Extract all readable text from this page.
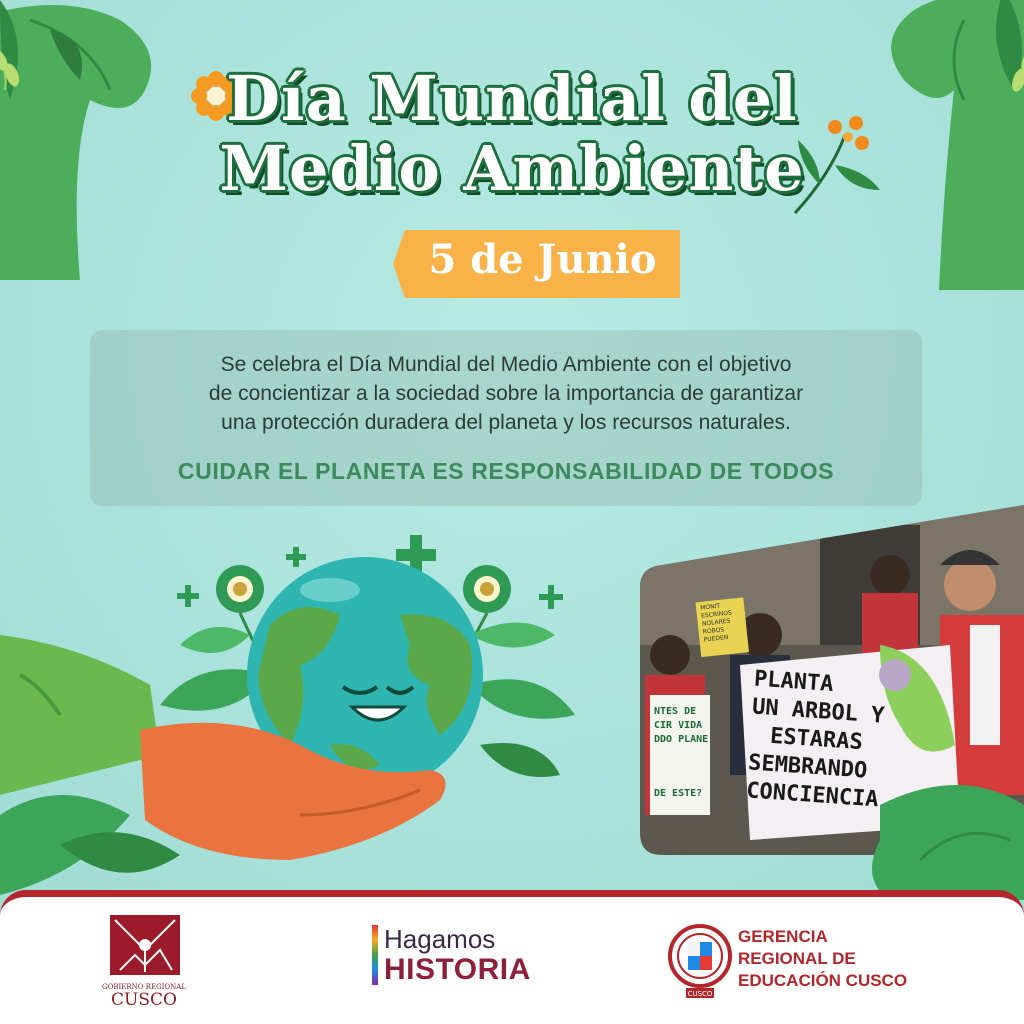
Día Mundial del
Medio Ambiente
5 de Junio
Se celebra el Día Mundial del Medio Ambiente con el objetivo
de concientizar a la sociedad sobre la importancia de garantizar
una protección duradera del planeta y los recursos naturales.
CUIDAR EL PLANETA ES RESPONSABILIDAD DE TODOS
PLANTA
UN ARBOL Y
ESTARAS
SEMBRANDO
CONCIENCIA
NTES DE
CIR VIDA
DDO PLANE
DE ESTE?
MONIT
ESCRINOS
NOLARES
ROBOS
PUEDEN
GOBIERNO REGIONAL
CUSCO
Hagamos
HISTORIA
CUSCO
GERENCIA
REGIONAL DE
EDUCACIÓN CUSCO
